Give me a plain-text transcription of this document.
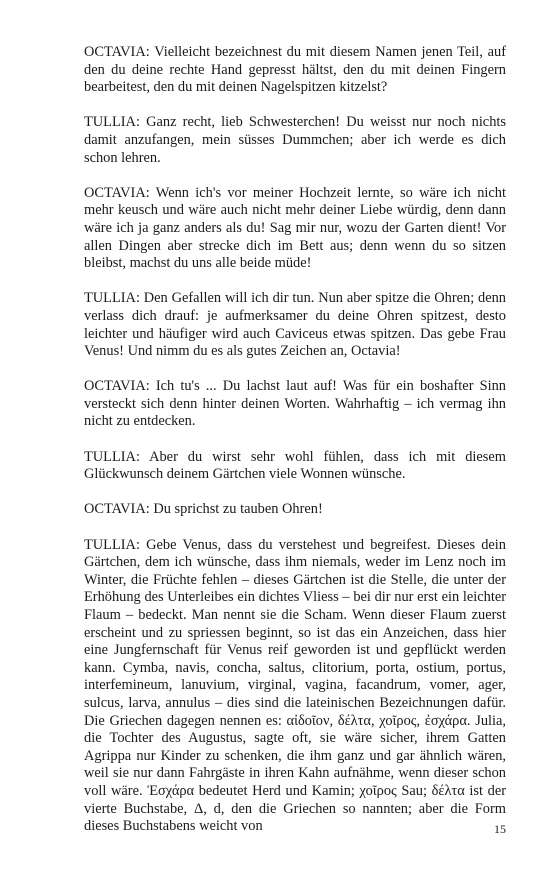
OCTAVIA: Vielleicht bezeichnest du mit diesem Namen jenen Teil, auf den du deine rechte Hand gepresst hältst, den du mit deinen Fingern bearbeitest, den du mit deinen Nagelspitzen kitzelst?

TULLIA: Ganz recht, lieb Schwesterchen! Du weisst nur noch nichts damit anzufangen, mein süsses Dummchen; aber ich werde es dich schon lehren.

OCTAVIA: Wenn ich's vor meiner Hochzeit lernte, so wäre ich nicht mehr keusch und wäre auch nicht mehr deiner Liebe würdig, denn dann wäre ich ja ganz anders als du! Sag mir nur, wozu der Garten dient! Vor allen Dingen aber strecke dich im Bett aus; denn wenn du so sitzen bleibst, machst du uns alle beide müde!

TULLIA: Den Gefallen will ich dir tun. Nun aber spitze die Ohren; denn verlass dich drauf: je aufmerksamer du deine Ohren spitzest, desto leichter und häufiger wird auch Caviceus etwas spitzen. Das gebe Frau Venus! Und nimm du es als gutes Zeichen an, Octavia!

OCTAVIA: Ich tu's ... Du lachst laut auf! Was für ein boshafter Sinn versteckt sich denn hinter deinen Worten. Wahrhaftig – ich vermag ihn nicht zu entdecken.

TULLIA: Aber du wirst sehr wohl fühlen, dass ich mit diesem Glückwunsch deinem Gärtchen viele Wonnen wünsche.

OCTAVIA: Du sprichst zu tauben Ohren!

TULLIA: Gebe Venus, dass du verstehest und begreifest. Dieses dein Gärtchen, dem ich wünsche, dass ihm niemals, weder im Lenz noch im Winter, die Früchte fehlen – dieses Gärtchen ist die Stelle, die unter der Erhöhung des Unterleibes ein dichtes Vliess – bei dir nur erst ein leichter Flaum – bedeckt. Man nennt sie die Scham. Wenn dieser Flaum zuerst erscheint und zu spriessen beginnt, so ist das ein Anzeichen, dass hier eine Jungfernschaft für Venus reif geworden ist und gepflückt werden kann. Cymba, navis, concha, saltus, clitorium, porta, ostium, portus, interfemineum, lanuvium, virginal, vagina, facandrum, vomer, ager, sulcus, larva, annulus – dies sind die lateinischen Bezeichnungen dafür. Die Griechen dagegen nennen es: αἰδοῖον, δέλτα, χοῖρος, ἐσχάρα. Julia, die Tochter des Augustus, sagte oft, sie wäre sicher, ihrem Gatten Agrippa nur Kinder zu schenken, die ihm ganz und gar ähnlich wären, weil sie nur dann Fahrgäste in ihren Kahn aufnähme, wenn dieser schon voll wäre. Ἐσχάρα bedeutet Herd und Kamin; χοῖρος Sau; δέλτα ist der vierte Buchstabe, Δ, d, den die Griechen so nannten; aber die Form dieses Buchstabens weicht von	15
